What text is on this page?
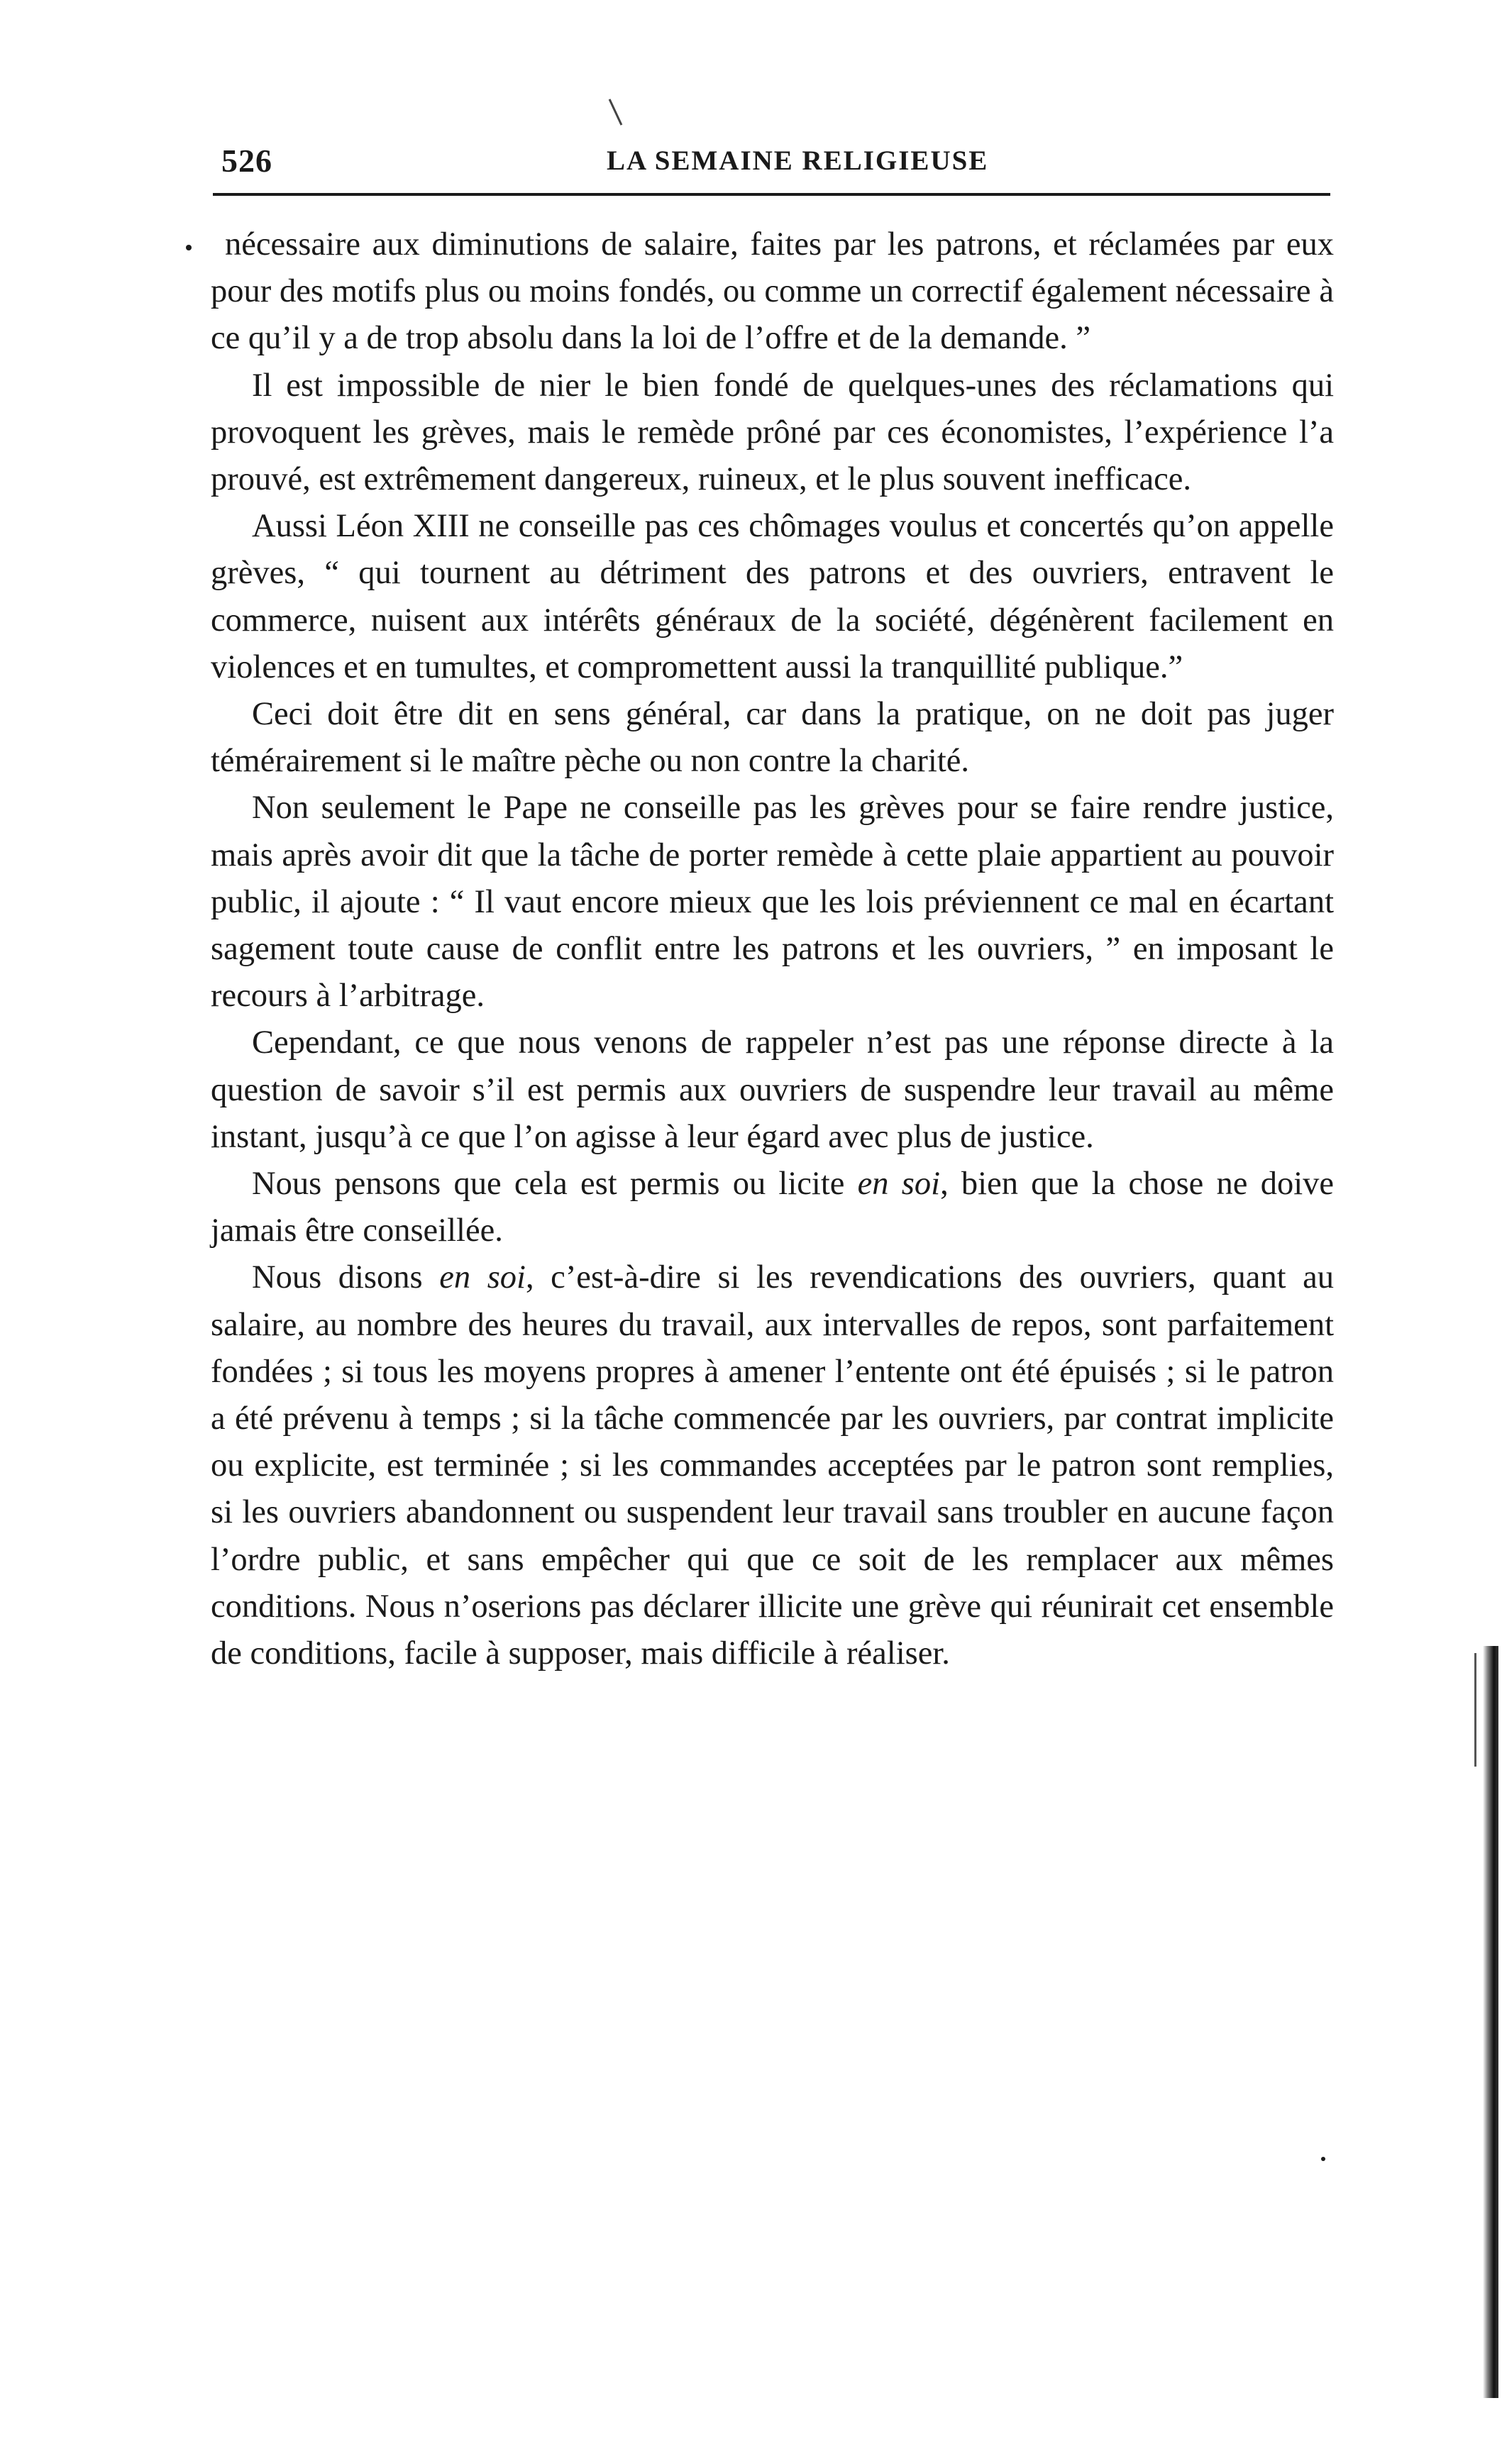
526	LA SEMAINE RELIGIEUSE

nécessaire aux diminutions de salaire, faites par les patrons, et réclamées par eux pour des motifs plus ou moins fondés, ou comme un correctif également nécessaire à ce qu’il y a de trop absolu dans la loi de l’offre et de la demande. ”

Il est impossible de nier le bien fondé de quelques-unes des réclamations qui provoquent les grèves, mais le remède prôné par ces économistes, l’expérience l’a prouvé, est extrêmement dangereux, ruineux, et le plus souvent inefficace.

Aussi Léon XIII ne conseille pas ces chômages voulus et concertés qu’on appelle grèves, “ qui tournent au détriment des patrons et des ouvriers, entravent le commerce, nuisent aux intérêts généraux de la société, dégénèrent facilement en violences et en tumultes, et compromettent aussi la tranquillité publique.”

Ceci doit être dit en sens général, car dans la pratique, on ne doit pas juger témérairement si le maître pèche ou non contre la charité.

Non seulement le Pape ne conseille pas les grèves pour se faire rendre justice, mais après avoir dit que la tâche de porter remède à cette plaie appartient au pouvoir public, il ajoute : “ Il vaut encore mieux que les lois préviennent ce mal en écartant sagement toute cause de conflit entre les patrons et les ouvriers, ” en imposant le recours à l’arbitrage.

Cependant, ce que nous venons de rappeler n’est pas une réponse directe à la question de savoir s’il est permis aux ouvriers de suspendre leur travail au même instant, jusqu’à ce que l’on agisse à leur égard avec plus de justice.

Nous pensons que cela est permis ou licite en soi, bien que la chose ne doive jamais être conseillée.

Nous disons en soi, c’est-à-dire si les revendications des ouvriers, quant au salaire, au nombre des heures du travail, aux intervalles de repos, sont parfaitement fondées ; si tous les moyens propres à amener l’entente ont été épuisés ; si le patron a été prévenu à temps ; si la tâche commencée par les ouvriers, par contrat implicite ou explicite, est terminée ; si les commandes acceptées par le patron sont remplies, si les ouvriers abandonnent ou suspendent leur travail sans troubler en aucune façon l’ordre public, et sans empêcher qui que ce soit de les remplacer aux mêmes conditions. Nous n’oserions pas déclarer illicite une grève qui réunirait cet ensemble de conditions, facile à supposer, mais difficile à réaliser.
